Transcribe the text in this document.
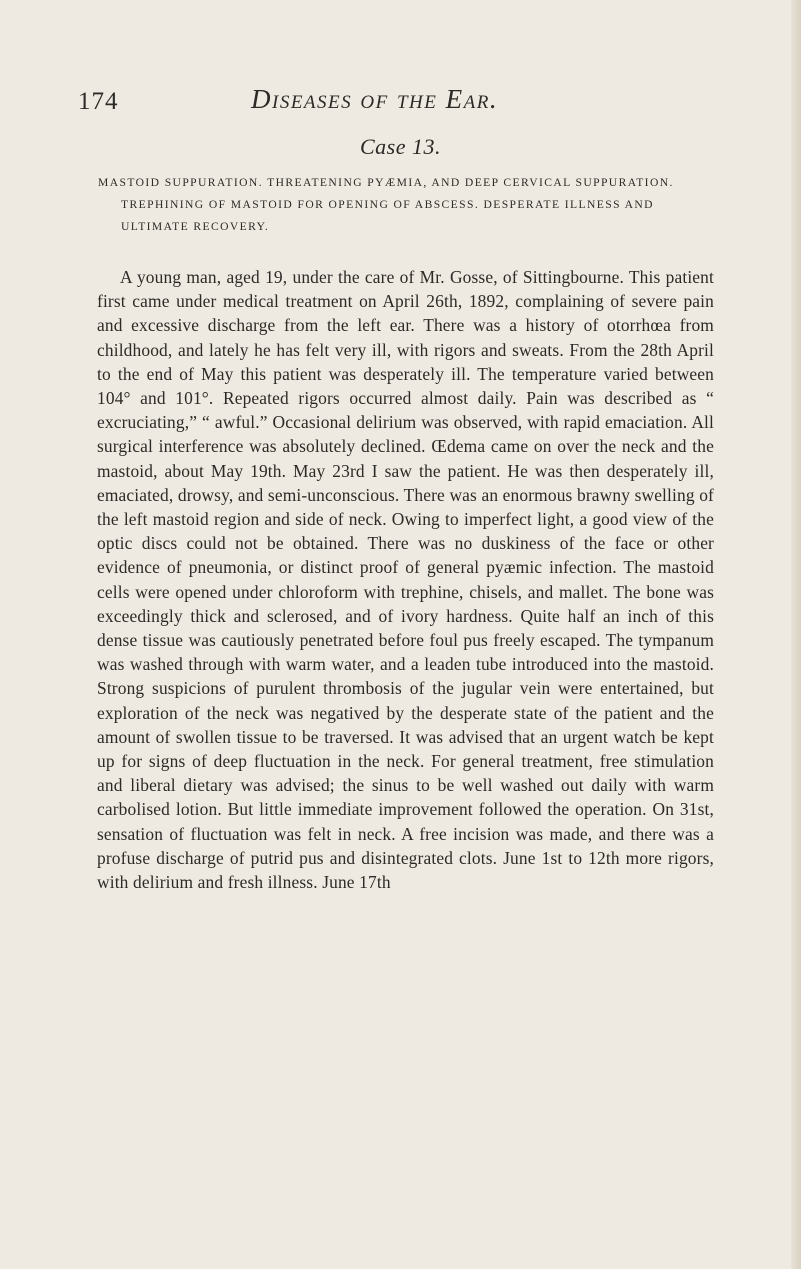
174	Diseases of the Ear.
Case 13.

MASTOID SUPPURATION. THREATENING PYÆMIA, AND DEEP CERVICAL SUPPURATION. TREPHINING OF MASTOID FOR OPENING OF ABSCESS. DESPERATE ILLNESS AND ULTIMATE RECOVERY.

A young man, aged 19, under the care of Mr. Gosse, of Sittingbourne. This patient first came under medical treatment on April 26th, 1892, complaining of severe pain and excessive discharge from the left ear. There was a history of otorrhœa from childhood, and lately he has felt very ill, with rigors and sweats. From the 28th April to the end of May this patient was desperately ill. The temperature varied between 104° and 101°. Repeated rigors occurred almost daily. Pain was described as “ excruciating,” “ awful.” Occasional delirium was observed, with rapid emaciation. All surgical interference was absolutely declined. Œdema came on over the neck and the mastoid, about May 19th. May 23rd I saw the patient. He was then desperately ill, emaciated, drowsy, and semi-unconscious. There was an enormous brawny swelling of the left mastoid region and side of neck. Owing to imperfect light, a good view of the optic discs could not be obtained. There was no duskiness of the face or other evidence of pneumonia, or distinct proof of general pyæmic infection. The mastoid cells were opened under chloroform with trephine, chisels, and mallet. The bone was exceedingly thick and sclerosed, and of ivory hardness. Quite half an inch of this dense tissue was cautiously penetrated before foul pus freely escaped. The tympanum was washed through with warm water, and a leaden tube introduced into the mastoid. Strong suspicions of purulent thrombosis of the jugular vein were entertained, but exploration of the neck was negatived by the desperate state of the patient and the amount of swollen tissue to be traversed. It was advised that an urgent watch be kept up for signs of deep fluctuation in the neck. For general treatment, free stimulation and liberal dietary was advised; the sinus to be well washed out daily with warm carbolised lotion. But little immediate improvement followed the operation. On 31st, sensation of fluctuation was felt in neck. A free incision was made, and there was a profuse discharge of putrid pus and disintegrated clots. June 1st to 12th more rigors, with delirium and fresh illness. June 17th
